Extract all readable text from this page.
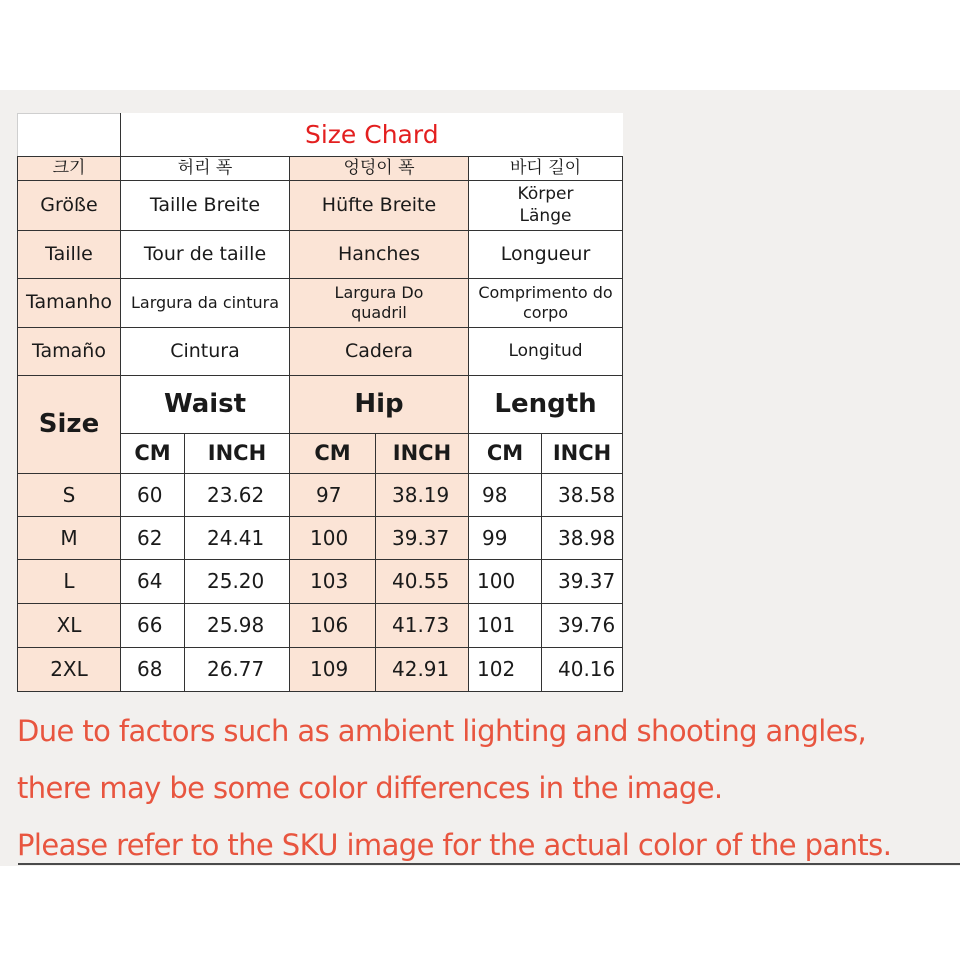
	Size Chard					
크기	허리 폭		엉덩이 폭		바디 길이	
Größe	Taille Breite		Hüfte Breite		Körper Länge	
Taille	Tour de taille		Hanches		Longueur	
Tamanho	Largura da cintura		Largura Do quadril		Comprimento do corpo	
Tamaño	Cintura		Cadera		Longitud	
Size	Waist		Hip		Length	
	CM	INCH	CM	INCH	CM	INCH
S	60	23.62	97	38.19	98	38.58
M	62	24.41	100	39.37	99	38.98
L	64	25.20	103	40.55	100	39.37
XL	66	25.98	106	41.73	101	39.76
2XL	68	26.77	109	42.91	102	40.16
Due to factors such as ambient lighting and shooting angles,
there may be some color differences in the image.
Please refer to the SKU image for the actual color of the pants.
